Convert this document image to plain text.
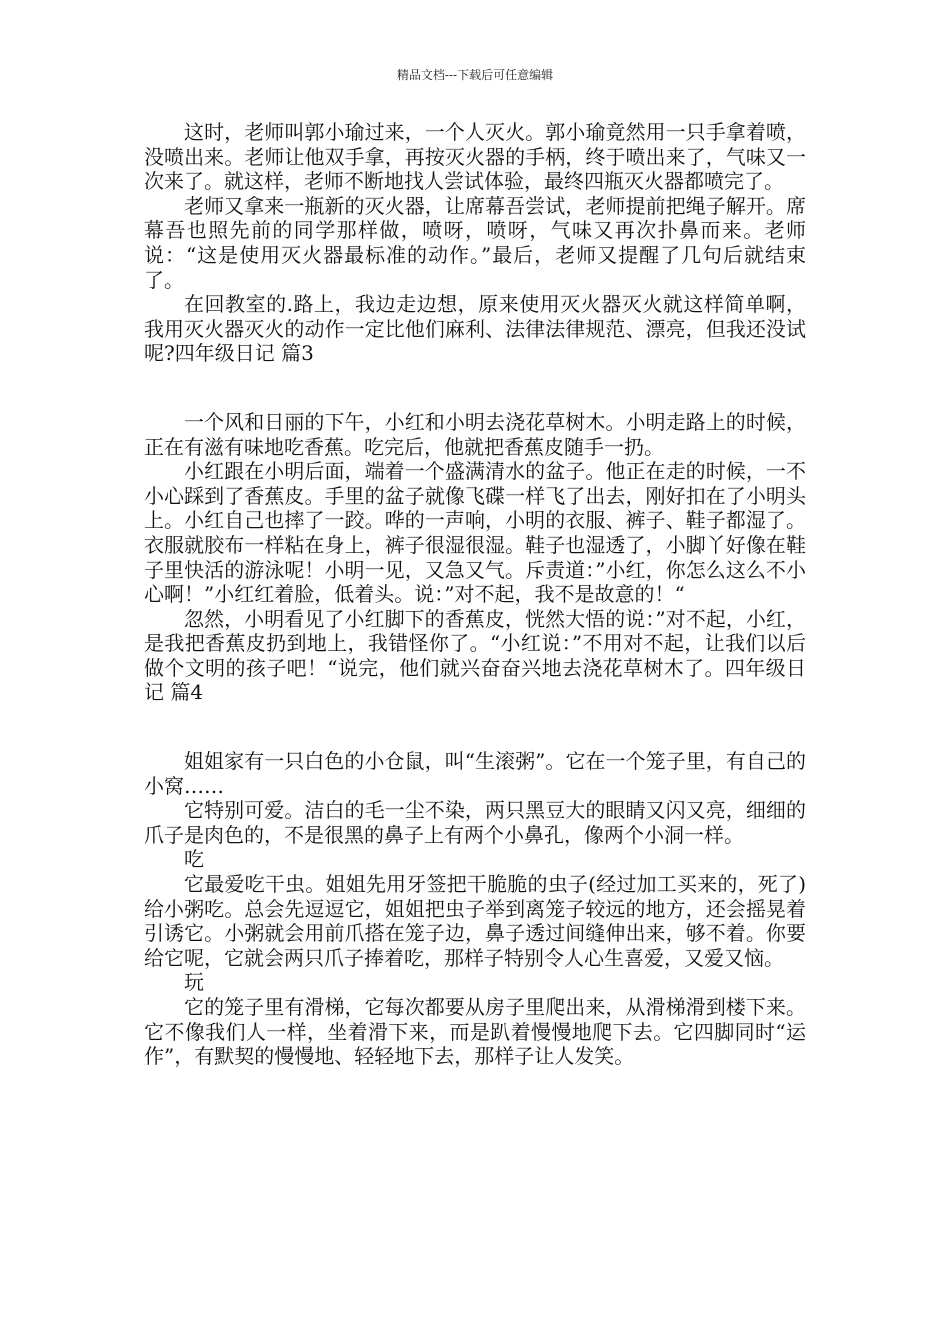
精品文档---下载后可任意编辑

这时，老师叫郭小瑜过来，一个人灭火。郭小瑜竟然用一只手拿着喷，没喷出来。老师让他双手拿，再按灭火器的手柄，终于喷出来了，气味又一次来了。就这样，老师不断地找人尝试体验，最终四瓶灭火器都喷完了。

老师又拿来一瓶新的灭火器，让席幕吾尝试，老师提前把绳子解开。席幕吾也照先前的同学那样做，喷呀，喷呀，气味又再次扑鼻而来。老师说：“这是使用灭火器最标准的动作。”最后，老师又提醒了几句后就结束了。

在回教室的.路上，我边走边想，原来使用灭火器灭火就这样简单啊，我用灭火器灭火的动作一定比他们麻利、法律法律规范、漂亮，但我还没试呢?四年级日记 篇3

一个风和日丽的下午，小红和小明去浇花草树木。小明走路上的时候，正在有滋有味地吃香蕉。吃完后，他就把香蕉皮随手一扔。

小红跟在小明后面，端着一个盛满清水的盆子。他正在走的时候，一不小心踩到了香蕉皮。手里的盆子就像飞碟一样飞了出去，刚好扣在了小明头上。小红自己也摔了一跤。哗的一声响，小明的衣服、裤子、鞋子都湿了。衣服就胶布一样粘在身上，裤子很湿很湿。鞋子也湿透了，小脚丫好像在鞋子里快活的游泳呢！小明一见，又急又气。斥责道：”小红，你怎么这么不小心啊！”小红红着脸，低着头。说：”对不起，我不是故意的！“

忽然，小明看见了小红脚下的香蕉皮，恍然大悟的说：”对不起，小红，是我把香蕉皮扔到地上，我错怪你了。“小红说：”不用对不起，让我们以后做个文明的孩子吧！“说完，他们就兴奋奋兴地去浇花草树木了。四年级日记 篇4

姐姐家有一只白色的小仓鼠，叫“生滚粥”。它在一个笼子里，有自己的小窝……

它特别可爱。洁白的毛一尘不染，两只黑豆大的眼睛又闪又亮，细细的爪子是肉色的，不是很黑的鼻子上有两个小鼻孔，像两个小洞一样。

吃

它最爱吃干虫。姐姐先用牙签把干脆脆的虫子(经过加工买来的，死了)给小粥吃。总会先逗逗它，姐姐把虫子举到离笼子较远的地方，还会摇晃着引诱它。小粥就会用前爪搭在笼子边，鼻子透过间缝伸出来，够不着。你要给它呢，它就会两只爪子捧着吃，那样子特别令人心生喜爱，又爱又恼。

玩

它的笼子里有滑梯，它每次都要从房子里爬出来，从滑梯滑到楼下来。它不像我们人一样，坐着滑下来，而是趴着慢慢地爬下去。它四脚同时“运作”，有默契的慢慢地、轻轻地下去，那样子让人发笑。
